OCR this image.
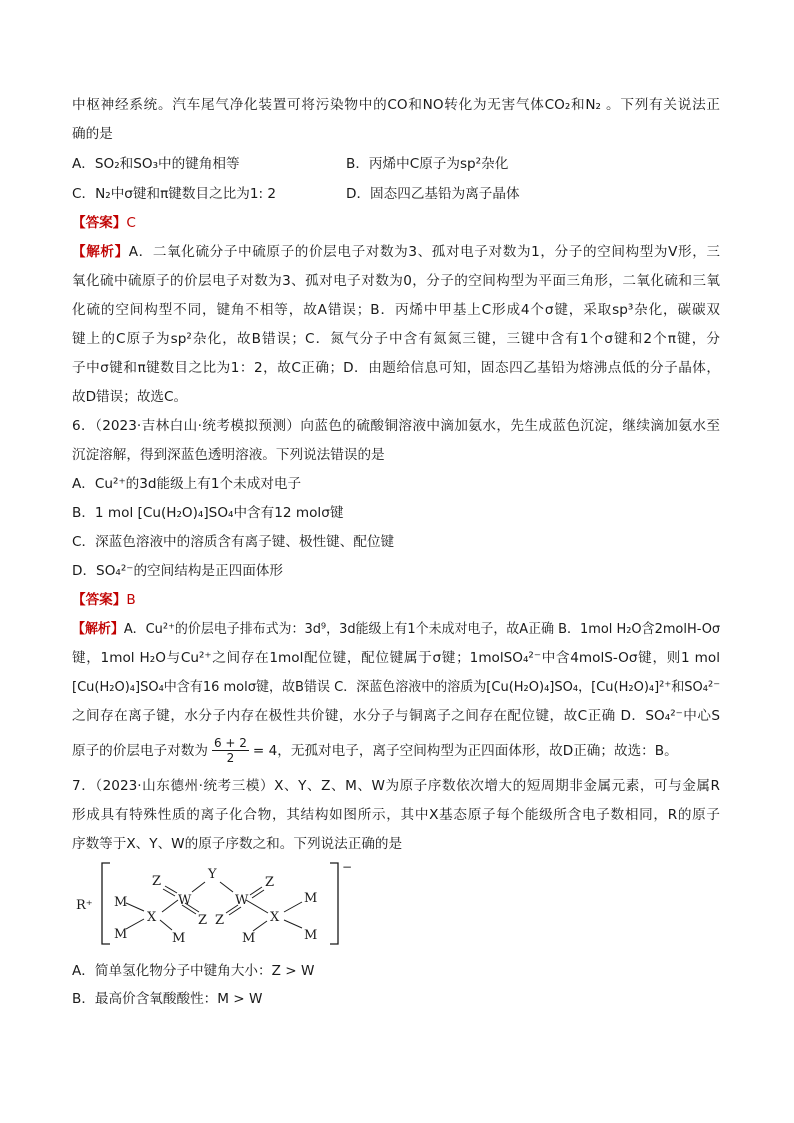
中枢神经系统。汽车尾气净化装置可将污染物中的CO和NO转化为无害气体CO₂和N₂ 。下列有关说法正
确的是
A．SO₂和SO₃中的键角相等	B．丙烯中C原子为sp²杂化
C．N₂中σ键和π键数目之比为1: 2	D．固态四乙基铅为离子晶体
【答案】C
【解析】A．二氧化硫分子中硫原子的价层电子对数为3、孤对电子对数为1，分子的空间构型为V形，三
氧化硫中硫原子的价层电子对数为3、孤对电子对数为0，分子的空间构型为平面三角形，二氧化硫和三氧
化硫的空间构型不同，键角不相等，故A错误；B．丙烯中甲基上C形成4个σ键，采取sp³杂化，碳碳双
键上的C原子为sp²杂化，故B错误；C．氮气分子中含有氮氮三键，三键中含有1个σ键和2个π键，分
子中σ键和π键数目之比为1：2，故C正确；D．由题给信息可知，固态四乙基铅为熔沸点低的分子晶体，
故D错误；故选C。
6．（2023·吉林白山·统考模拟预测）向蓝色的硫酸铜溶液中滴加氨水，先生成蓝色沉淀，继续滴加氨水至
沉淀溶解，得到深蓝色透明溶液。下列说法错误的是
A．Cu²⁺的3d能级上有1个未成对电子
B．1 mol [Cu(H₂O)₄]SO₄中含有12 molσ键
C．深蓝色溶液中的溶质含有离子键、极性键、配位键
D．SO₄²⁻的空间结构是正四面体形
【答案】B
【解析】A．Cu²⁺的价层电子排布式为：3d⁹，3d能级上有1个未成对电子，故A正确 B．1mol H₂O含2molH-Oσ
键，1mol H₂O与Cu²⁺之间存在1mol配位键，配位键属于σ键；1molSO₄²⁻中含4molS-Oσ键，则1 mol
[Cu(H₂O)₄]SO₄中含有16 molσ键，故B错误 C．深蓝色溶液中的溶质为[Cu(H₂O)₄]SO₄，[Cu(H₂O)₄]²⁺和SO₄²⁻
之间存在离子键，水分子内存在极性共价键，水分子与铜离子之间存在配位键，故C正确 D．SO₄²⁻中心S
原子的价层电子对数为 $\frac{6 + 2}{2} = 4$ ，无孤对电子，离子空间构型为正四面体形，故D正确；故选：B。
7．（2023·山东德州·统考三模）X、Y、Z、M、W为原子序数依次增大的短周期非金属元素，可与金属R
形成具有特殊性质的离子化合物，其结构如图所示，其中X基态原子每个能级所含电子数相同，R的原子
序数等于X、Y、W的原子序数之和。下列说法正确的是
R⁺
−
M
X
M	M
Z
W
Y
W
Z
Z Z	X
M
M
M
A．简单氢化物分子中键角大小：Z > W
B．最高价含氧酸酸性：M > W
